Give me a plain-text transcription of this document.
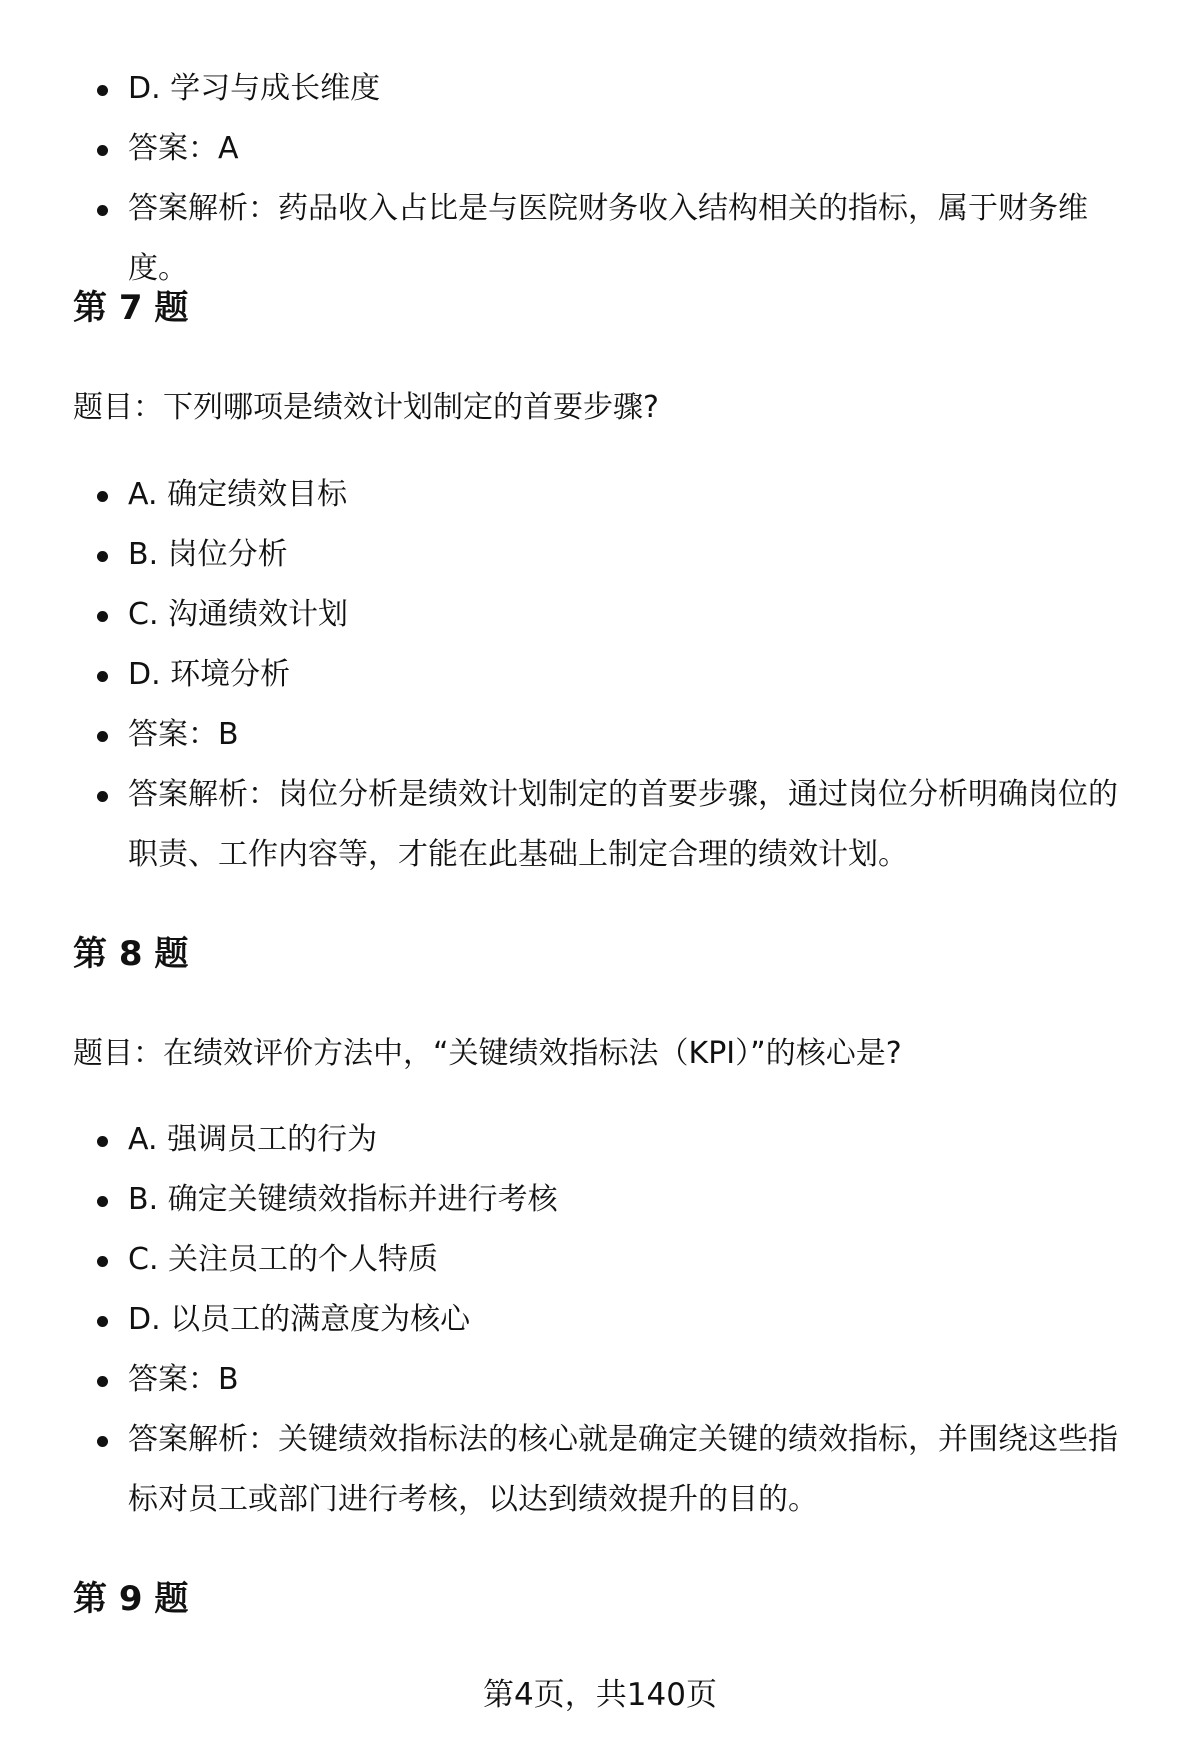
D. 学习与成长维度
答案：A
答案解析：药品收入占比是与医院财务收入结构相关的指标，属于财务维度。
第 7 题
题目：下列哪项是绩效计划制定的首要步骤?
A. 确定绩效目标
B. 岗位分析
C. 沟通绩效计划
D. 环境分析
答案：B
答案解析：岗位分析是绩效计划制定的首要步骤，通过岗位分析明确岗位的职责、工作内容等，才能在此基础上制定合理的绩效计划。
第 8 题
题目：在绩效评价方法中，“关键绩效指标法（KPI）”的核心是?
A. 强调员工的行为
B. 确定关键绩效指标并进行考核
C. 关注员工的个人特质
D. 以员工的满意度为核心
答案：B
答案解析：关键绩效指标法的核心就是确定关键的绩效指标，并围绕这些指标对员工或部门进行考核，以达到绩效提升的目的。
第 9 题
第4页，共140页
